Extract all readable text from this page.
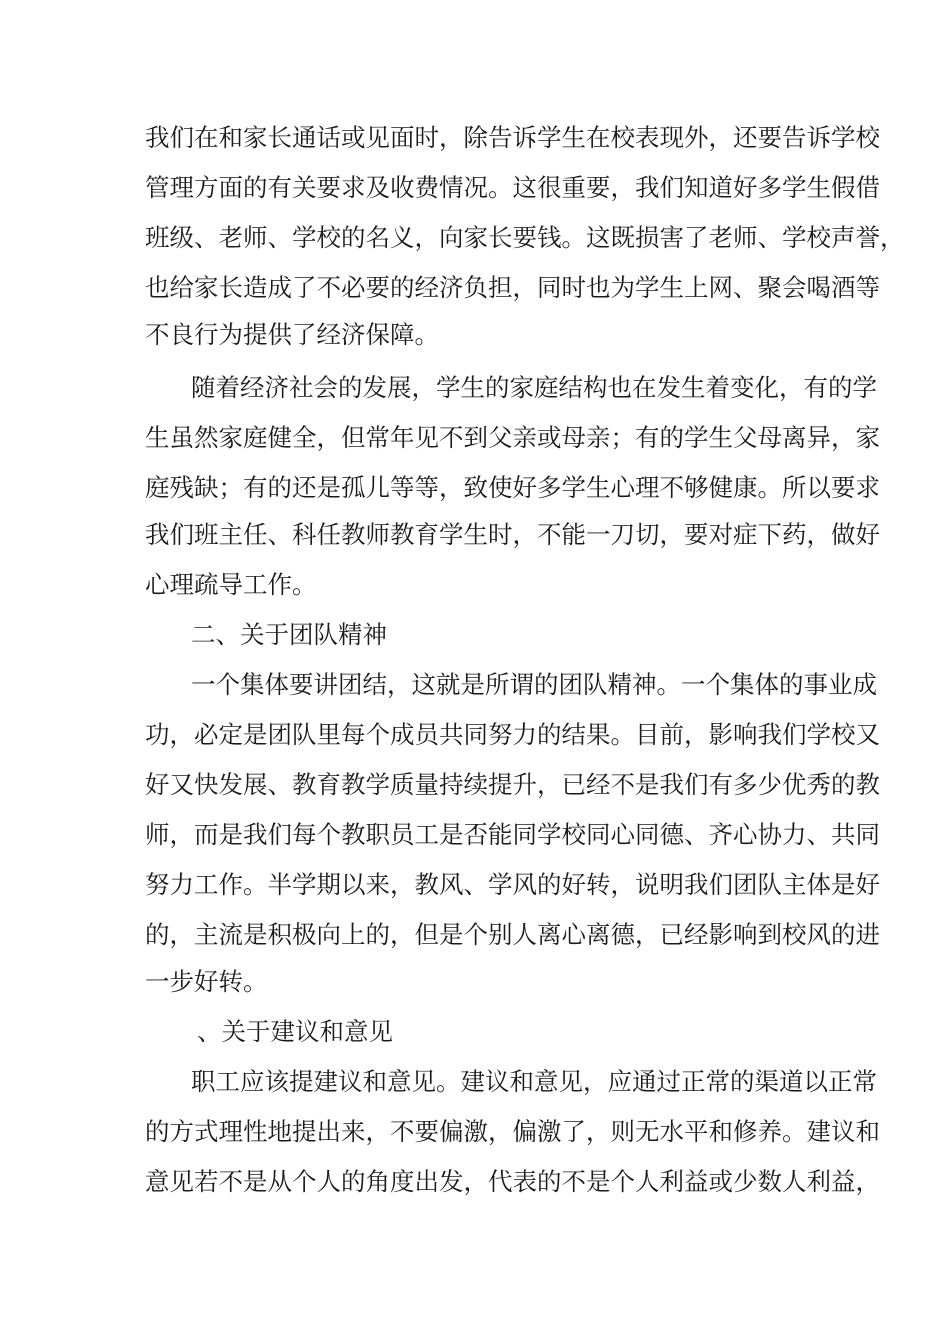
我们在和家长通话或见面时，除告诉学生在校表现外，还要告诉学校
管理方面的有关要求及收费情况。这很重要，我们知道好多学生假借
班级、老师、学校的名义，向家长要钱。这既损害了老师、学校声誉，
也给家长造成了不必要的经济负担，同时也为学生上网、聚会喝酒等
不良行为提供了经济保障。
随着经济社会的发展，学生的家庭结构也在发生着变化，有的学
生虽然家庭健全，但常年见不到父亲或母亲；有的学生父母离异，家
庭残缺；有的还是孤儿等等，致使好多学生心理不够健康。所以要求
我们班主任、科任教师教育学生时，不能一刀切，要对症下药，做好
心理疏导工作。
二、关于团队精神
一个集体要讲团结，这就是所谓的团队精神。一个集体的事业成
功，必定是团队里每个成员共同努力的结果。目前，影响我们学校又
好又快发展、教育教学质量持续提升，已经不是我们有多少优秀的教
师，而是我们每个教职员工是否能同学校同心同德、齐心协力、共同
努力工作。半学期以来，教风、学风的好转，说明我们团队主体是好
的，主流是积极向上的，但是个别人离心离德，已经影响到校风的进
一步好转。
、关于建议和意见
职工应该提建议和意见。建议和意见，应通过正常的渠道以正常
的方式理性地提出来，不要偏激，偏激了，则无水平和修养。建议和
意见若不是从个人的角度出发，代表的不是个人利益或少数人利益，
